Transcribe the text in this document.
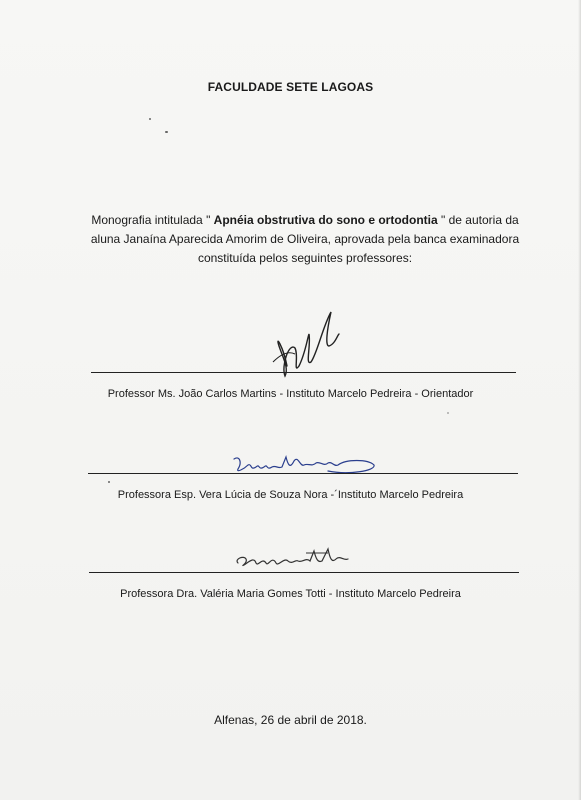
FACULDADE SETE LAGOAS
Monografia intitulada " Apnéia obstrutiva do sono e ortodontia " de autoria da
aluna Janaína Aparecida Amorim de Oliveira, aprovada pela banca examinadora
constituída pelos seguintes professores:
Professor Ms. João Carlos Martins - Instituto Marcelo Pedreira - Orientador
Professora Esp. Vera Lúcia de Souza Nora -´Instituto Marcelo Pedreira
Professora Dra. Valéria Maria Gomes Totti - Instituto Marcelo Pedreira
Alfenas, 26 de abril de 2018.
